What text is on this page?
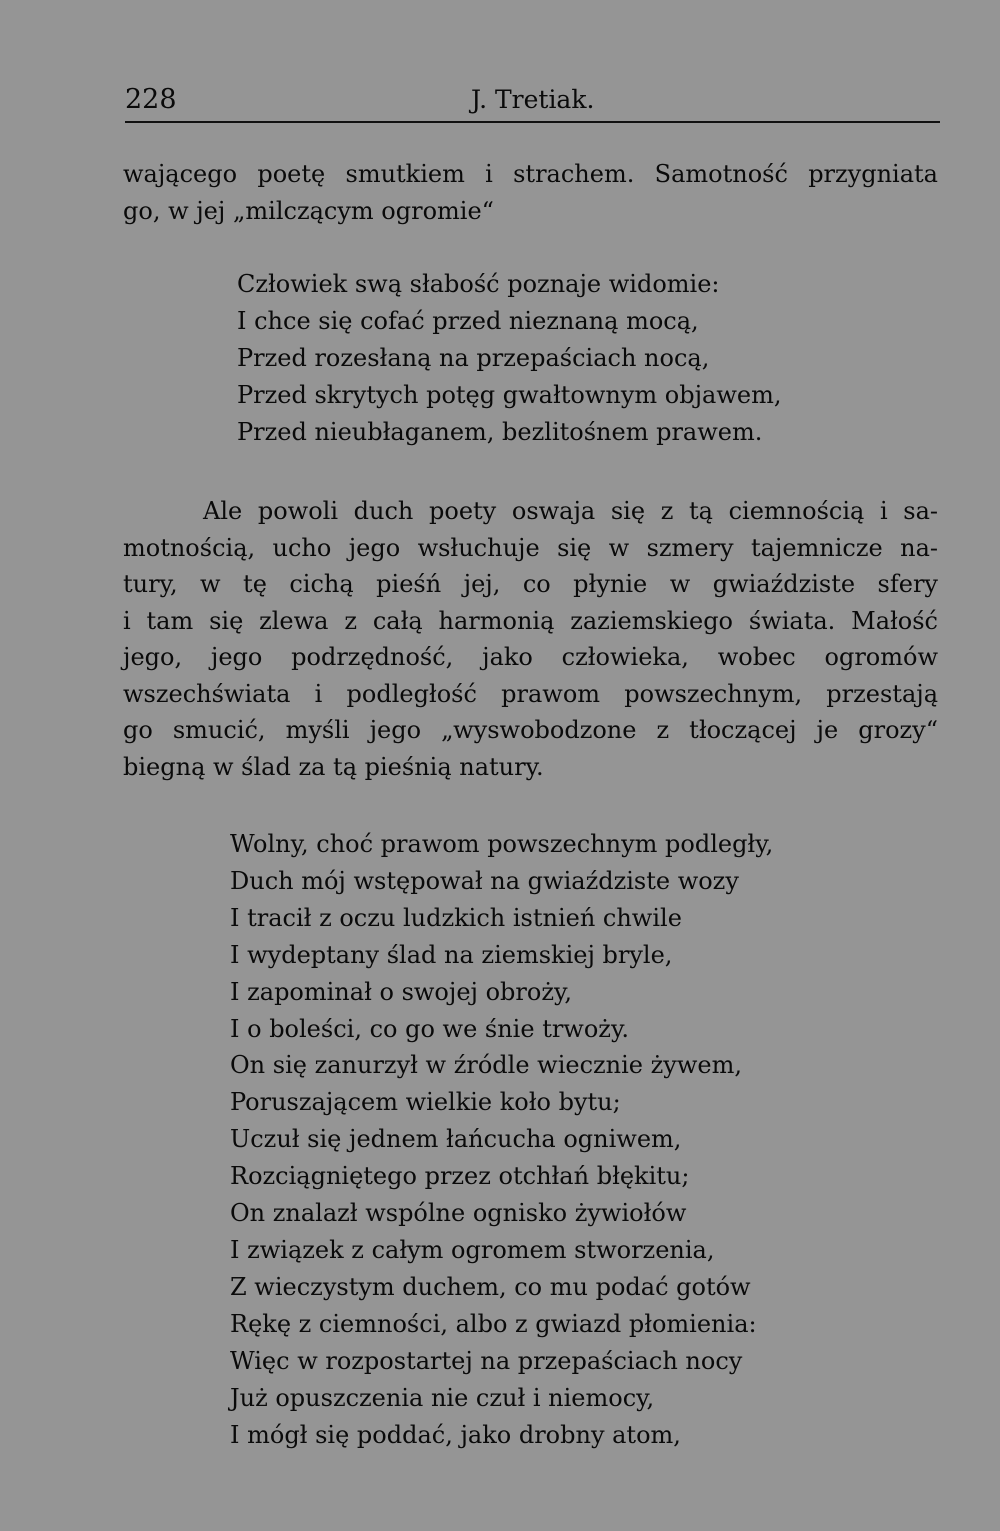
228	J. Tretiak.
wającego poetę smutkiem i strachem. Samotność przygniata
go, w jej „milczącym ogromie“
Człowiek swą słabość poznaje widomie:
I chce się cofać przed nieznaną mocą,
Przed rozesłaną na przepaściach nocą,
Przed skrytych potęg gwałtownym objawem,
Przed nieubłaganem, bezlitośnem prawem.
Ale powoli duch poety oswaja się z tą ciemnością i sa-
motnością, ucho jego wsłuchuje się w szmery tajemnicze na-
tury, w tę cichą pieśń jej, co płynie w gwiaździste sfery
i tam się zlewa z całą harmonią zaziemskiego świata. Małość
jego, jego podrzędność, jako człowieka, wobec ogromów
wszechświata i podległość prawom powszechnym, przestają
go smucić, myśli jego „wyswobodzone z tłoczącej je grozy“
biegną w ślad za tą pieśnią natury.
Wolny, choć prawom powszechnym podległy,
Duch mój wstępował na gwiaździste wozy
I tracił z oczu ludzkich istnień chwile
I wydeptany ślad na ziemskiej bryle,
I zapominał o swojej obroży,
I o boleści, co go we śnie trwoży.
On się zanurzył w źródle wiecznie żywem,
Poruszającem wielkie koło bytu;
Uczuł się jednem łańcucha ogniwem,
Rozciągniętego przez otchłań błękitu;
On znalazł wspólne ognisko żywiołów
I związek z całym ogromem stworzenia,
Z wieczystym duchem, co mu podać gotów
Rękę z ciemności, albo z gwiazd płomienia:
Więc w rozpostartej na przepaściach nocy
Już opuszczenia nie czuł i niemocy,
I mógł się poddać, jako drobny atom,
